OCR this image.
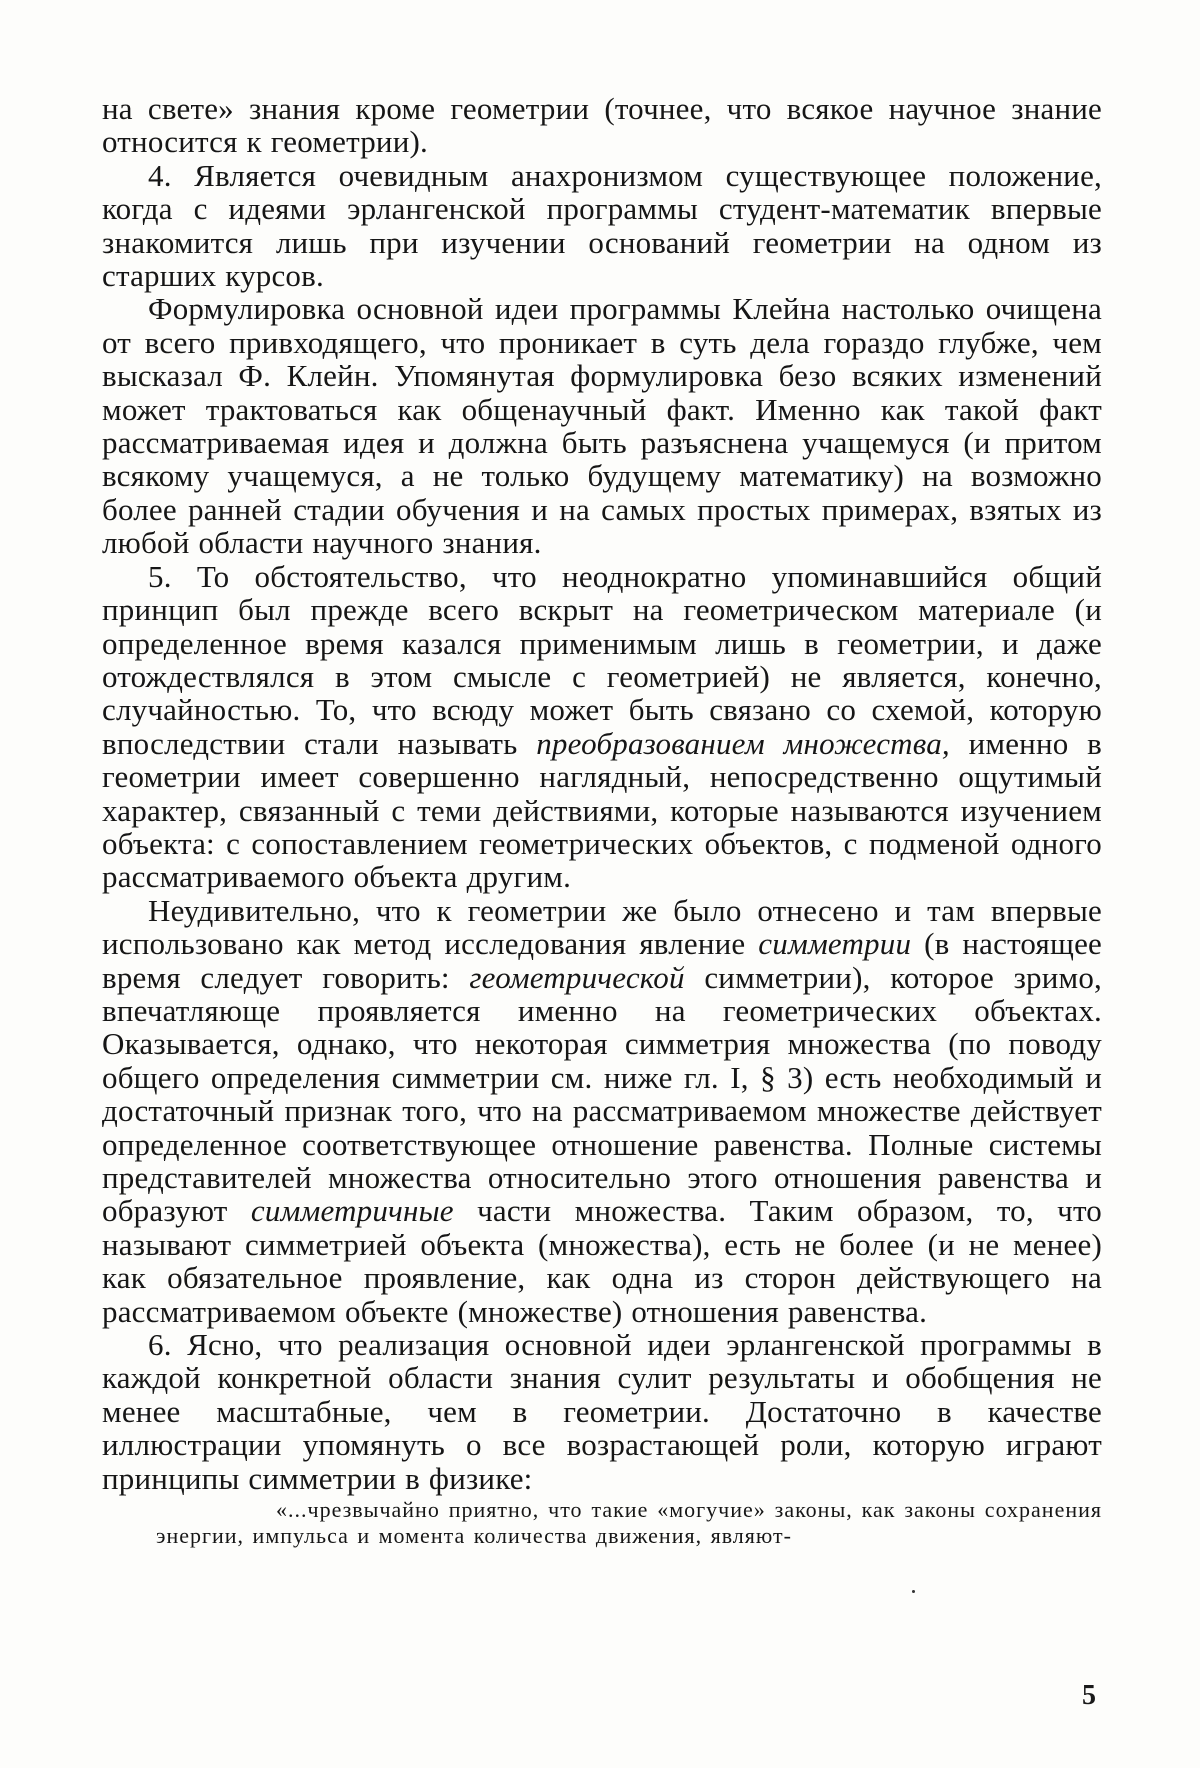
на свете» знания кроме геометрии (точнее, что всякое научное знание относится к геометрии).

4. Является очевидным анахронизмом существующее положение, когда с идеями эрлангенской программы студент-математик впервые знакомится лишь при изучении оснований геометрии на одном из старших курсов.

Формулировка основной идеи программы Клейна настолько очищена от всего привходящего, что проникает в суть дела гораздо глубже, чем высказал Ф. Клейн. Упомянутая формулировка безо всяких изменений может трактоваться как общенаучный факт. Именно как такой факт рассматриваемая идея и должна быть разъяснена учащемуся (и притом всякому учащемуся, а не только будущему математику) на возможно более ранней стадии обучения и на самых простых примерах, взятых из любой области научного знания.

5. То обстоятельство, что неоднократно упоминавшийся общий принцип был прежде всего вскрыт на геометрическом материале (и определенное время казался применимым лишь в геометрии, и даже отождествлялся в этом смысле с геометрией) не является, конечно, случайностью. То, что всюду может быть связано со схемой, которую впоследствии стали называть преобразованием множества, именно в геометрии имеет совершенно наглядный, непосредственно ощутимый характер, связанный с теми действиями, которые называются изучением объекта: с сопоставлением геометрических объектов, с подменой одного рассматриваемого объекта другим.

Неудивительно, что к геометрии же было отнесено и там впервые использовано как метод исследования явление симметрии (в настоящее время следует говорить: геометрической симметрии), которое зримо, впечатляюще проявляется именно на геометрических объектах. Оказывается, однако, что некоторая симметрия множества (по поводу общего определения симметрии см. ниже гл. I, § 3) есть необходимый и достаточный признак того, что на рассматриваемом множестве действует определенное соответствующее отношение равенства. Полные системы представителей множества относительно этого отношения равенства и образуют симметричные части множества. Таким образом, то, что называют симметрией объекта (множества), есть не более (и не менее) как обязательное проявление, как одна из сторон действующего на рассматриваемом объекте (множестве) отношения равенства.

6. Ясно, что реализация основной идеи эрлангенской программы в каждой конкретной области знания сулит результаты и обобщения не менее масштабные, чем в геометрии. Достаточно в качестве иллюстрации упомянуть о все возрастающей роли, которую играют принципы симметрии в физике:

«...чрезвычайно приятно, что такие «могучие» законы, как законы сохранения энергии, импульса и момента количества движения, являют-

5
